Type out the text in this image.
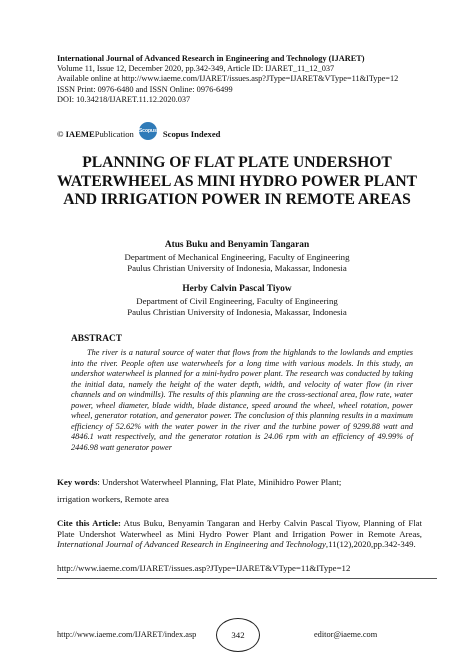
International Journal of Advanced Research in Engineering and Technology (IJARET)
Volume 11, Issue 12, December 2020, pp.342-349, Article ID: IJARET_11_12_037
Available online at http://www.iaeme.com/IJARET/issues.asp?JType=IJARET&VType=11&IType=12
ISSN Print: 0976-6480 and ISSN Online: 0976-6499
DOI: 10.34218/IJARET.11.12.2020.037
© IAEME Publication Scopus Scopus Indexed
PLANNING OF FLAT PLATE UNDERSHOT WATERWHEEL AS MINI HYDRO POWER PLANT AND IRRIGATION POWER IN REMOTE AREAS
Atus Buku and Benyamin Tangaran
Department of Mechanical Engineering, Faculty of Engineering
Paulus Christian University of Indonesia, Makassar, Indonesia
Herby Calvin Pascal Tiyow
Department of Civil Engineering, Faculty of Engineering
Paulus Christian University of Indonesia, Makassar, Indonesia
ABSTRACT

The river is a natural source of water that flows from the highlands to the lowlands and empties into the river. People often use waterwheels for a long time with various models. In this study, an undershot waterwheel is planned for a mini-hydro power plant. The research was conducted by taking the initial data, namely the height of the water depth, width, and velocity of water flow (in river channels and on windmills). The results of this planning are the cross-sectional area, flow rate, water power, wheel diameter, blade width, blade distance, speed around the wheel, wheel rotation, power wheel, generator rotation, and generator power. The conclusion of this planning results in a maximum efficiency of 52.62% with the water power in the river and the turbine power of 9299.88 watt and 4846.1 watt respectively, and the generator rotation is 24.06 rpm with an efficiency of 49.99% of 2446.98 watt generator power

Key words: Undershot Waterwheel Planning, Flat Plate, Minihidro Power Plant;
irrigation workers, Remote area
Cite this Article: Atus Buku, Benyamin Tangaran and Herby Calvin Pascal Tiyow, Planning of Flat Plate Undershot Waterwheel as Mini Hydro Power Plant and Irrigation Power in Remote Areas, International Journal of Advanced Research in Engineering and Technology,11(12),2020,pp.342-349.
http://www.iaeme.com/IJARET/issues.asp?JType=IJARET&VType=11&IType=12
http://www.iaeme.com/IJARET/index.asp	342	editor@iaeme.com
